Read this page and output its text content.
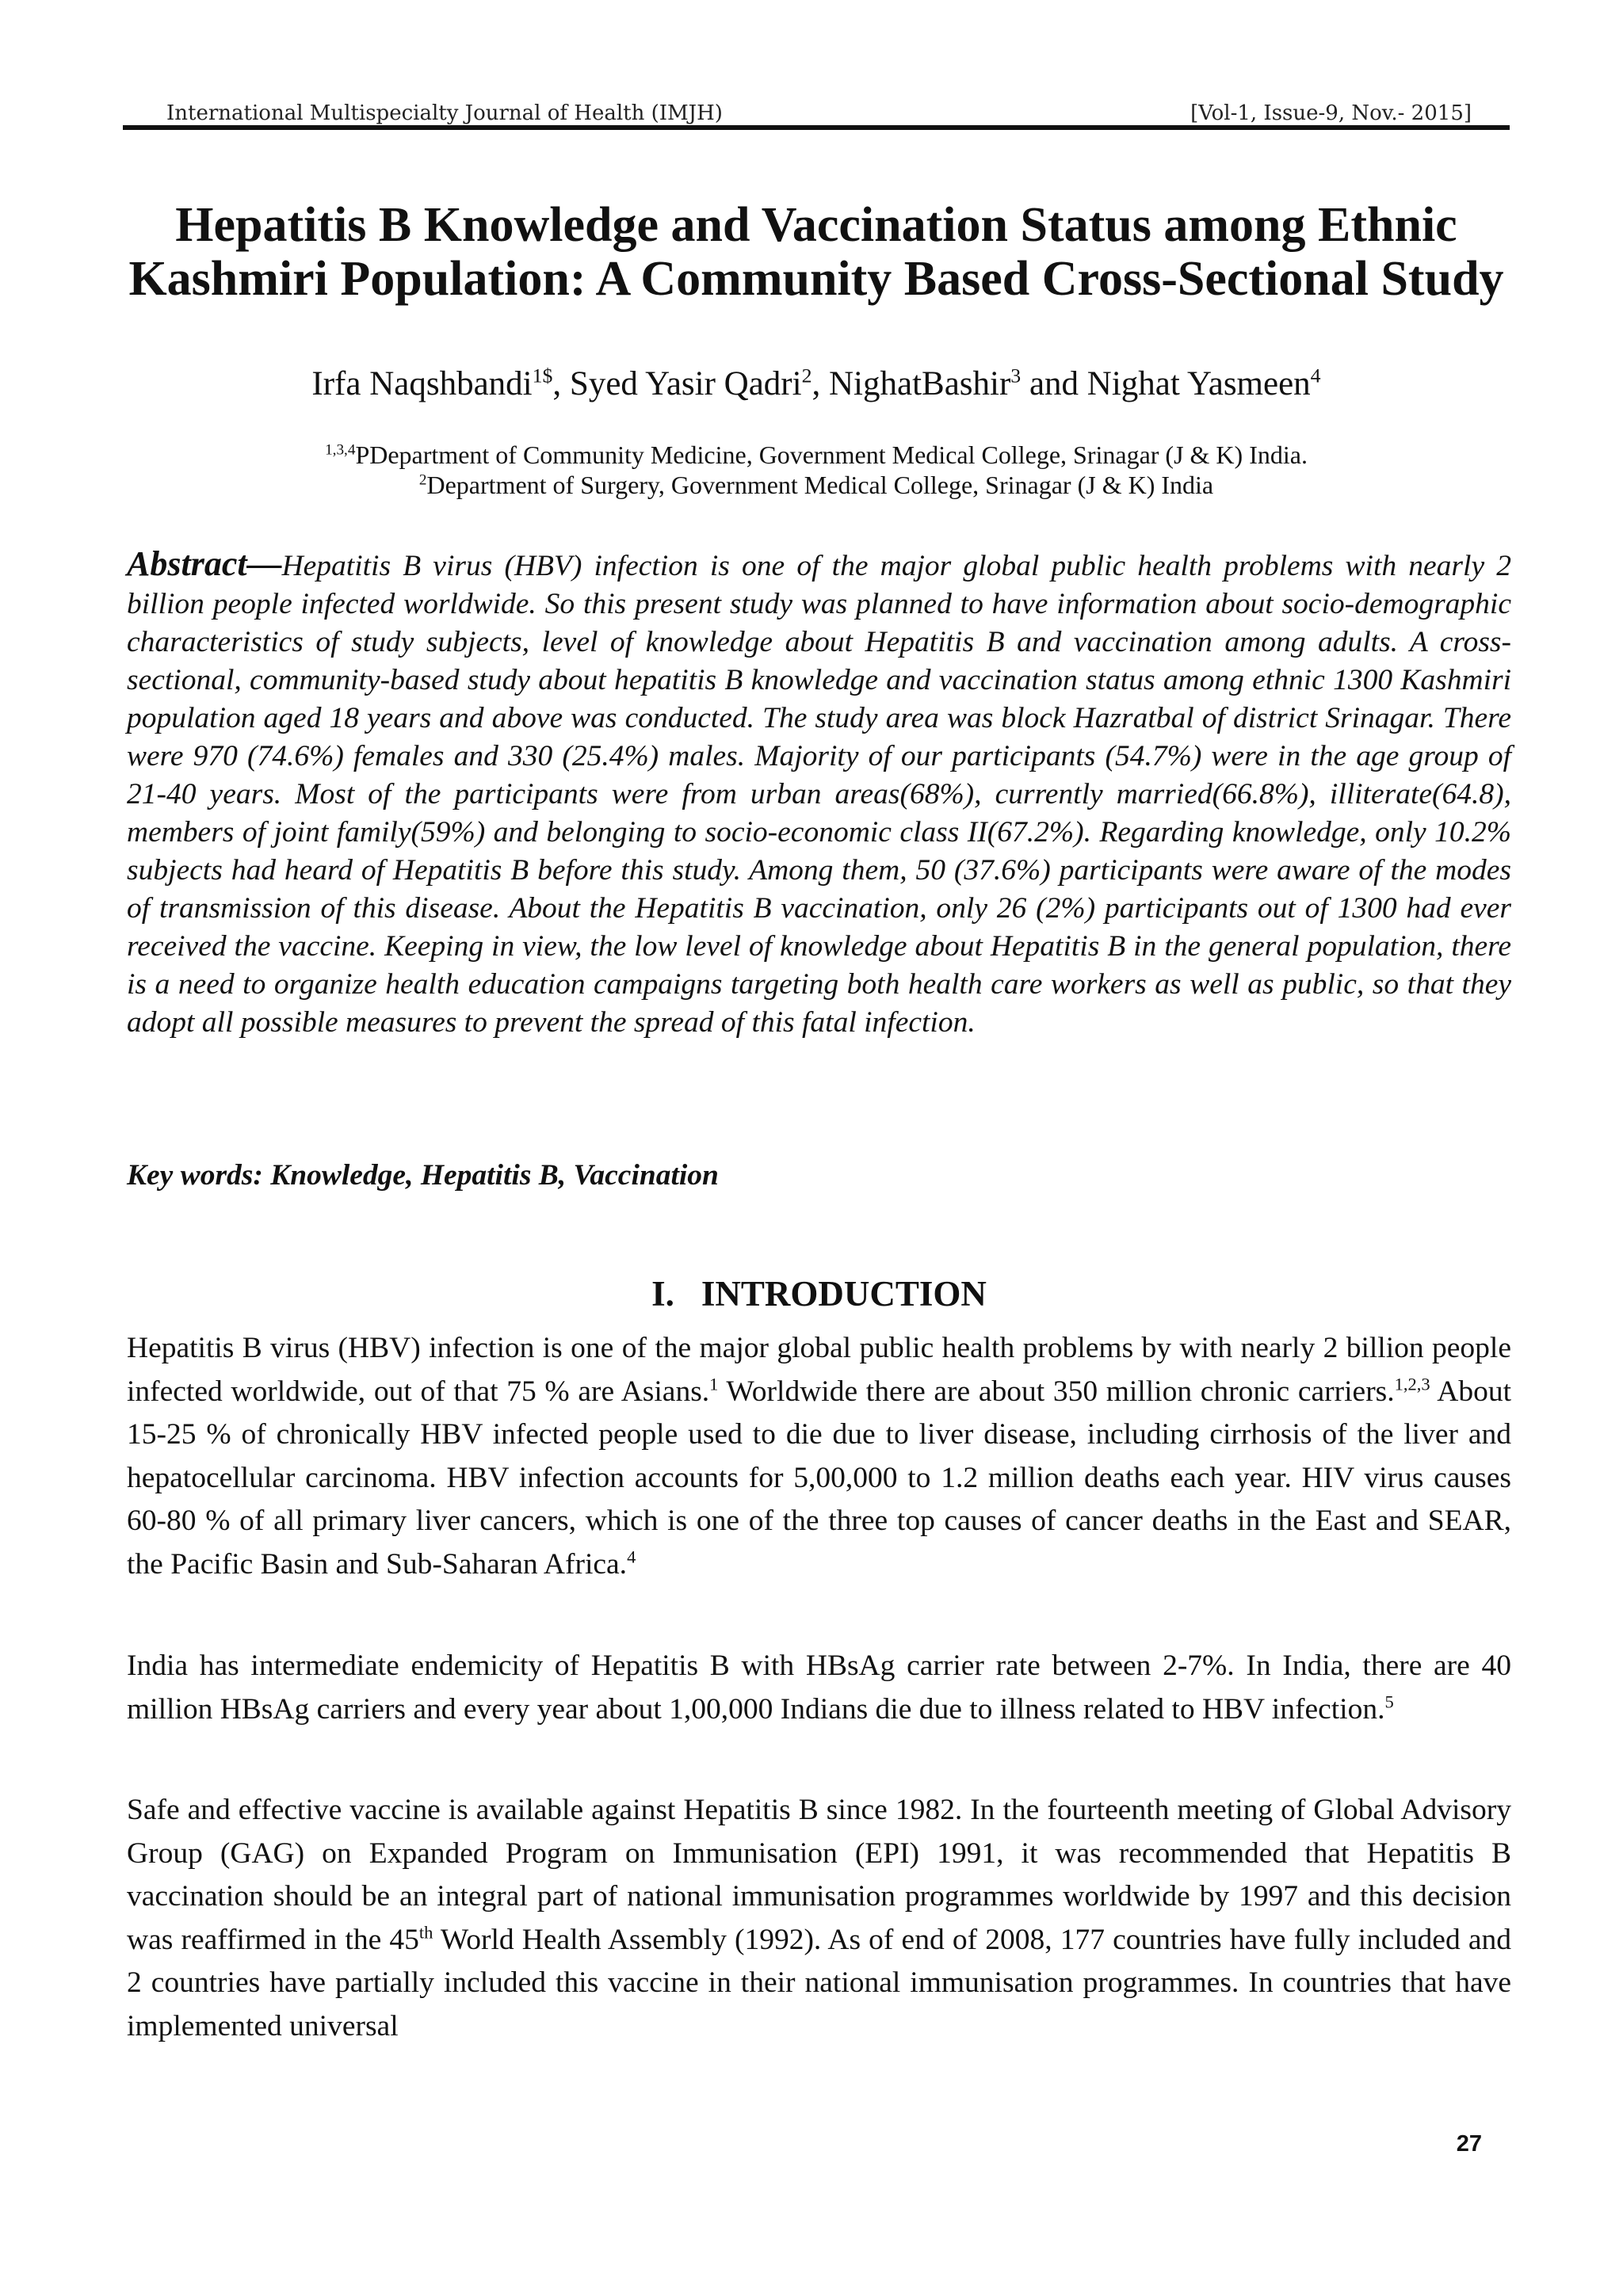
International Multispecialty Journal of Health (IMJH)	[Vol-1, Issue-9, Nov.- 2015]
Hepatitis B Knowledge and Vaccination Status among Ethnic Kashmiri Population: A Community Based Cross-Sectional Study
Irfa Naqshbandi$^{1\$}$, Syed Yasir Qadri$^2$, NighatBashir$^3$ and Nighat Yasmeen$^4$
$^{1,3,4}$PDepartment of Community Medicine, Government Medical College, Srinagar (J & K) India.
$^2$Department of Surgery, Government Medical College, Srinagar (J & K) India
Abstract—Hepatitis B virus (HBV) infection is one of the major global public health problems with nearly 2 billion people infected worldwide. So this present study was planned to have information about socio-demographic characteristics of study subjects, level of knowledge about Hepatitis B and vaccination among adults. A cross-sectional, community-based study about hepatitis B knowledge and vaccination status among ethnic 1300 Kashmiri population aged 18 years and above was conducted. The study area was block Hazratbal of district Srinagar. There were 970 (74.6%) females and 330 (25.4%) males. Majority of our participants (54.7%) were in the age group of 21-40 years. Most of the participants were from urban areas(68%), currently married(66.8%), illiterate(64.8), members of joint family(59%) and belonging to socio-economic class II(67.2%). Regarding knowledge, only 10.2% subjects had heard of Hepatitis B before this study. Among them, 50 (37.6%) participants were aware of the modes of transmission of this disease. About the Hepatitis B vaccination, only 26 (2%) participants out of 1300 had ever received the vaccine. Keeping in view, the low level of knowledge about Hepatitis B in the general population, there is a need to organize health education campaigns targeting both health care workers as well as public, so that they adopt all possible measures to prevent the spread of this fatal infection.
Key words: Knowledge, Hepatitis B, Vaccination
I. INTRODUCTION
Hepatitis B virus (HBV) infection is one of the major global public health problems by with nearly 2 billion people infected worldwide, out of that 75 % are Asians.$^1$ Worldwide there are about 350 million chronic carriers.$^{1,2,3}$ About 15-25 % of chronically HBV infected people used to die due to liver disease, including cirrhosis of the liver and hepatocellular carcinoma. HBV infection accounts for 5,00,000 to 1.2 million deaths each year. HIV virus causes 60-80 % of all primary liver cancers, which is one of the three top causes of cancer deaths in the East and SEAR, the Pacific Basin and Sub-Saharan Africa.$^4$
India has intermediate endemicity of Hepatitis B with HBsAg carrier rate between 2-7%. In India, there are 40 million HBsAg carriers and every year about 1,00,000 Indians die due to illness related to HBV infection.$^5$
Safe and effective vaccine is available against Hepatitis B since 1982. In the fourteenth meeting of Global Advisory Group (GAG) on Expanded Program on Immunisation (EPI) 1991, it was recommended that Hepatitis B vaccination should be an integral part of national immunisation programmes worldwide by 1997 and this decision was reaffirmed in the 45th World Health Assembly (1992). As of end of 2008, 177 countries have fully included and 2 countries have partially included this vaccine in their national immunisation programmes. In countries that have implemented universal
27
